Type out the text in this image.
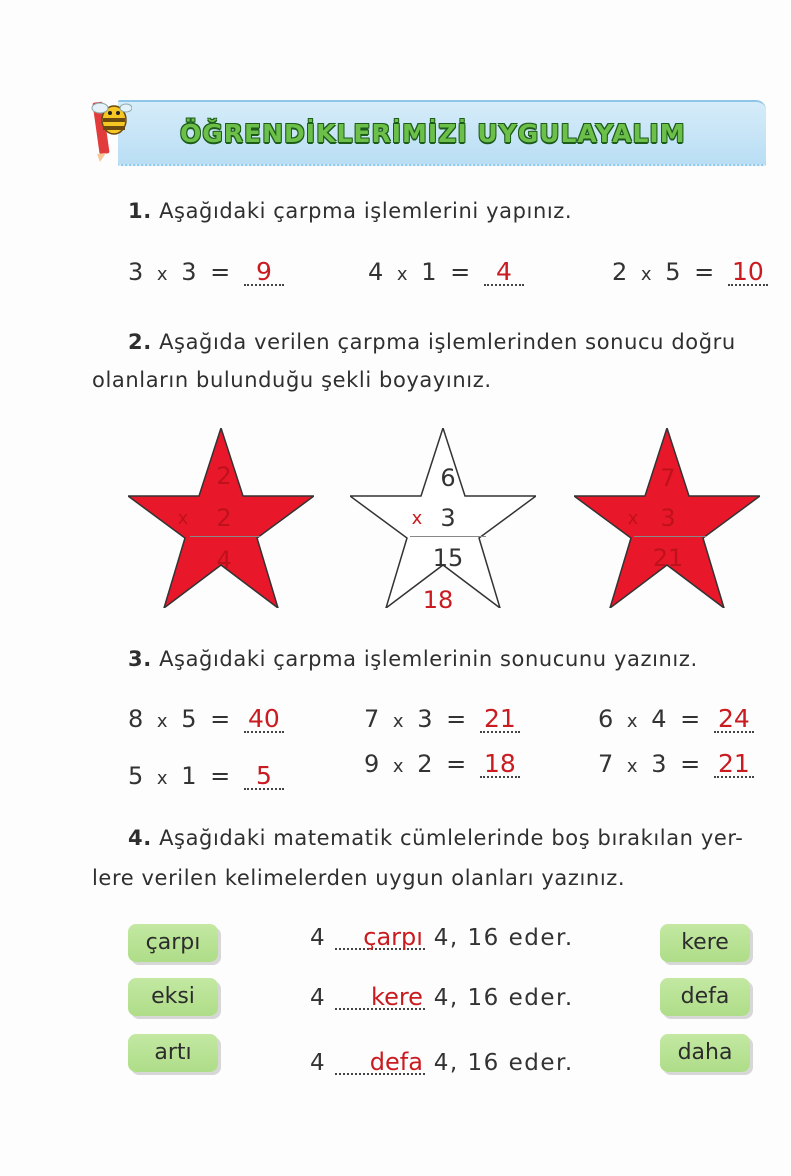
ÖĞRENDİKLERİMİZİ UYGULAYALIM
1. Aşağıdaki çarpma işlemlerini yapınız.
3 x 3 = 9	4 x 1 = 4	2 x 5 = 10
2. Aşağıda verilen çarpma işlemlerinden sonucu doğru
olanların bulunduğu şekli boyayınız.
2
2
x
4
6
3
x
15
18
7
3
x
21
3. Aşağıdaki çarpma işlemlerinin sonucunu yazınız.
8 x 5 = 40	7 x 3 = 21	6 x 4 = 24
5 x 1 = 5	9 x 2 = 18	7 x 3 = 21
4. Aşağıdaki matematik cümlelerinde boş bırakılan yer-
lere verilen kelimelerden uygun olanları yazınız.
çarpı
eksi
artı
kere
defa
daha
4 çarpı 4, 16 eder.
4 kere 4, 16 eder.
4 defa 4, 16 eder.
